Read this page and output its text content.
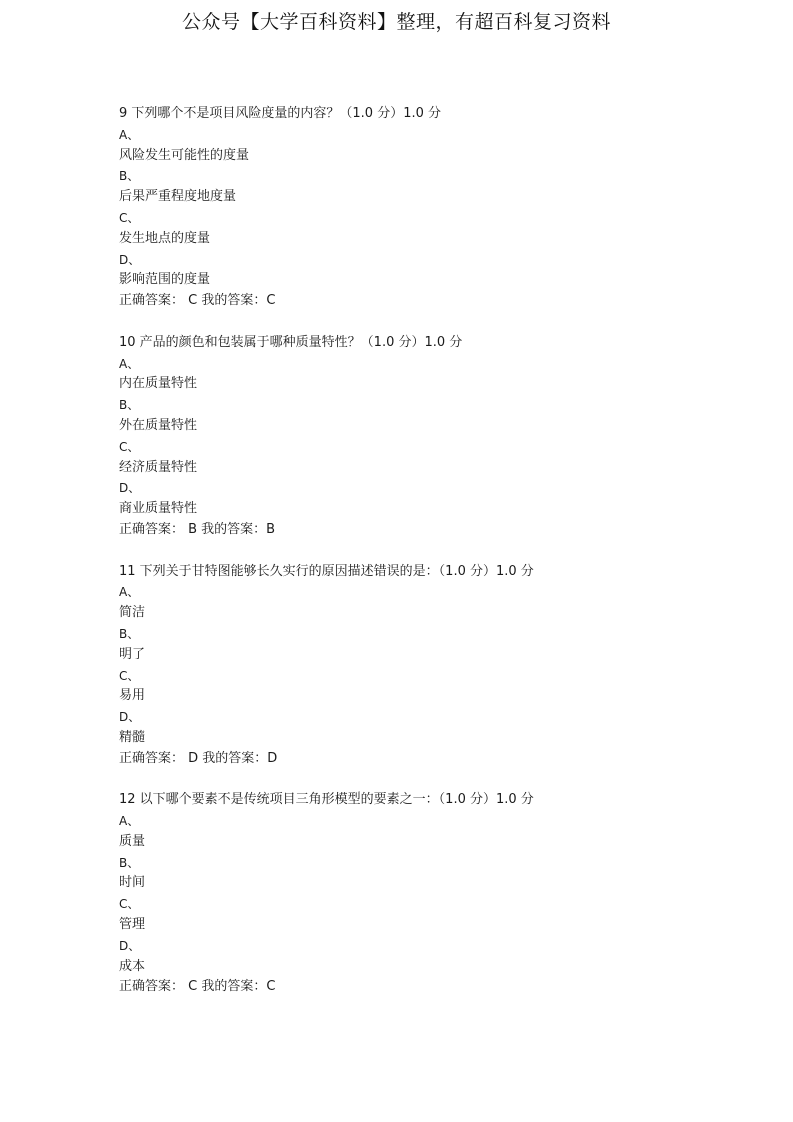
公众号【大学百科资料】整理，有超百科复习资料
9 下列哪个不是项目风险度量的内容？（1.0 分）1.0 分
A、
风险发生可能性的度量
B、
后果严重程度地度量
C、
发生地点的度量
D、
影响范围的度量
正确答案： C 我的答案：C
10 产品的颜色和包装属于哪种质量特性？（1.0 分）1.0 分
A、
内在质量特性
B、
外在质量特性
C、
经济质量特性
D、
商业质量特性
正确答案： B 我的答案：B
11 下列关于甘特图能够长久实行的原因描述错误的是：（1.0 分）1.0 分
A、
简洁
B、
明了
C、
易用
D、
精髓
正确答案： D 我的答案：D
12 以下哪个要素不是传统项目三角形模型的要素之一：（1.0 分）1.0 分
A、
质量
B、
时间
C、
管理
D、
成本
正确答案： C 我的答案：C
